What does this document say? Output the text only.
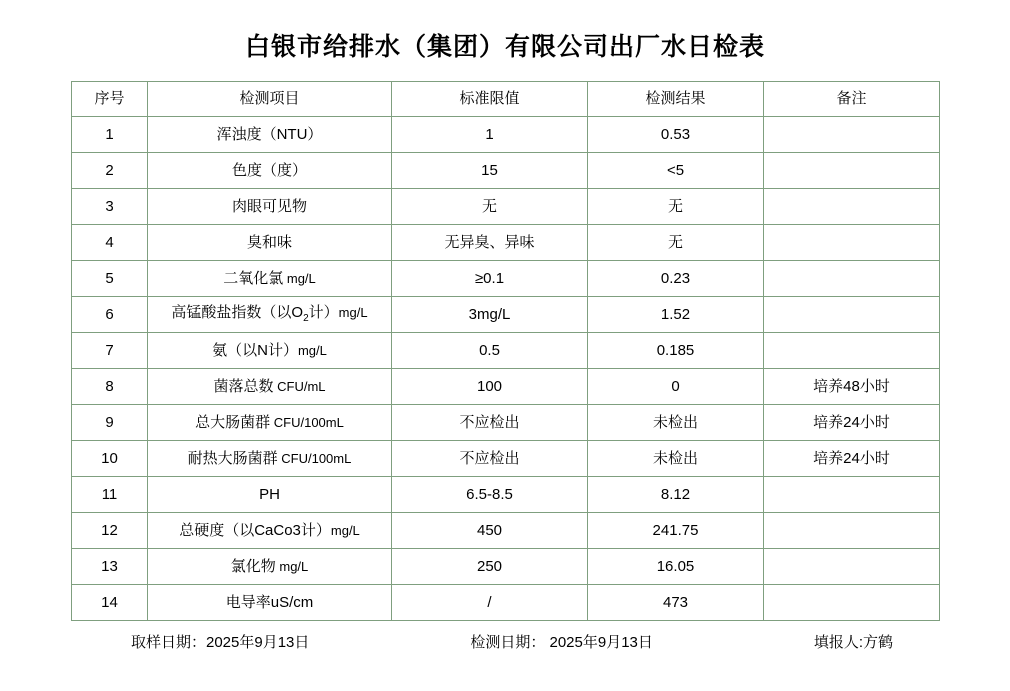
白银市给排水（集团）有限公司出厂水日检表
序号	检测项目	标准限值	检测结果	备注
1	浑浊度（NTU）	1	0.53	
2	色度（度）	15	<5	
3	肉眼可见物	无	无	
4	臭和味	无异臭、异味	无	
5	二氧化氯 mg/L	≥0.1	0.23	
6	高锰酸盐指数（以$O_2$计）mg/L	3mg/L	1.52	
7	氨（以N计）mg/L	0.5	0.185	
8	菌落总数 CFU/mL	100	0	培养48小时
9	总大肠菌群 CFU/100mL	不应检出	未检出	培养24小时
10	耐热大肠菌群 CFU/100mL	不应检出	未检出	培养24小时
11	PH	6.5-8.5	8.12	
12	总硬度（以CaCo3计）mg/L	450	241.75	
13	氯化物 mg/L	250	16.05	
14	电导率uS/cm	/	473	
取样日期：2025年9月13日	检测日期： 2025年9月13日	填报人:方鹤
